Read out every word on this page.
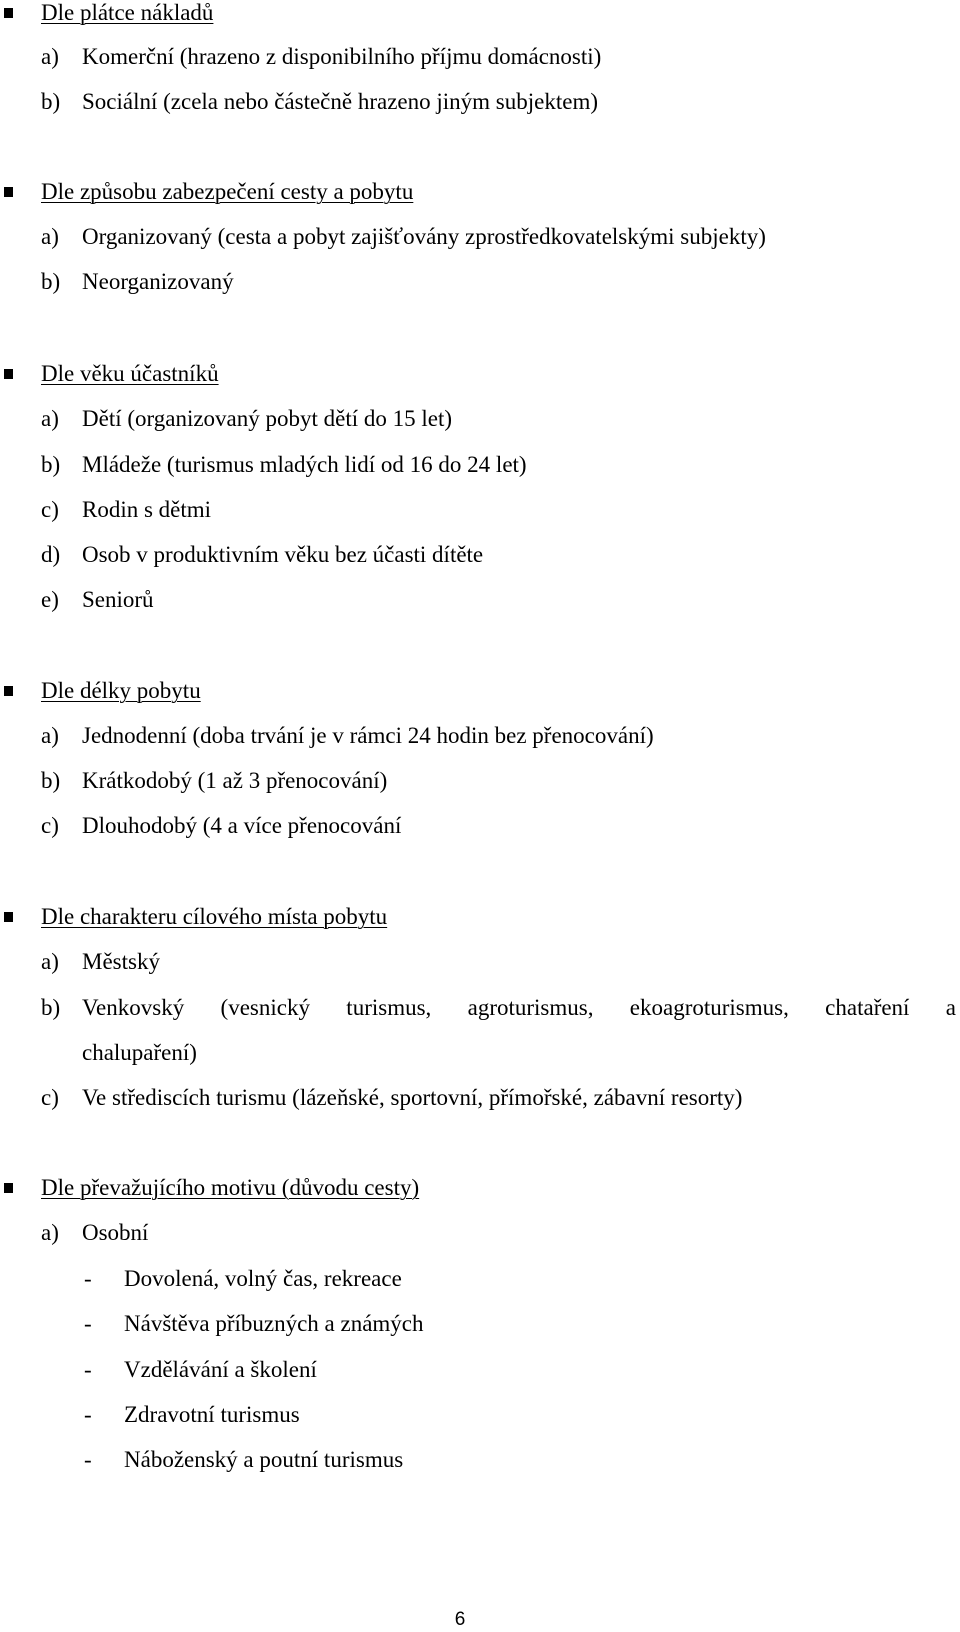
Dle plátce nákladů
a) Komerční (hrazeno z disponibilního příjmu domácnosti)
b) Sociální (zcela nebo částečně hrazeno jiným subjektem)
Dle způsobu zabezpečení cesty a pobytu
a) Organizovaný (cesta a pobyt zajišťovány zprostředkovatelskými subjekty)
b) Neorganizovaný
Dle věku účastníků
a) Dětí (organizovaný pobyt dětí do 15 let)
b) Mládeže (turismus mladých lidí od 16 do 24 let)
c) Rodin s dětmi
d) Osob v produktivním věku bez účasti dítěte
e) Seniorů
Dle délky pobytu
a) Jednodenní (doba trvání je v rámci 24 hodin bez přenocování)
b) Krátkodobý (1 až 3 přenocování)
c) Dlouhodobý (4 a více přenocování
Dle charakteru cílového místa pobytu
a) Městský
b) Venkovský (vesnický turismus, agroturismus, ekoagroturismus, chataření a
chalupaření)
c) Ve střediscích turismu (lázeňské, sportovní, přímořské, zábavní resorty)
Dle převažujícího motivu (důvodu cesty)
a) Osobní
- Dovolená, volný čas, rekreace
- Návštěva příbuzných a známých
- Vzdělávání a školení
- Zdravotní turismus
- Náboženský a poutní turismus
6
